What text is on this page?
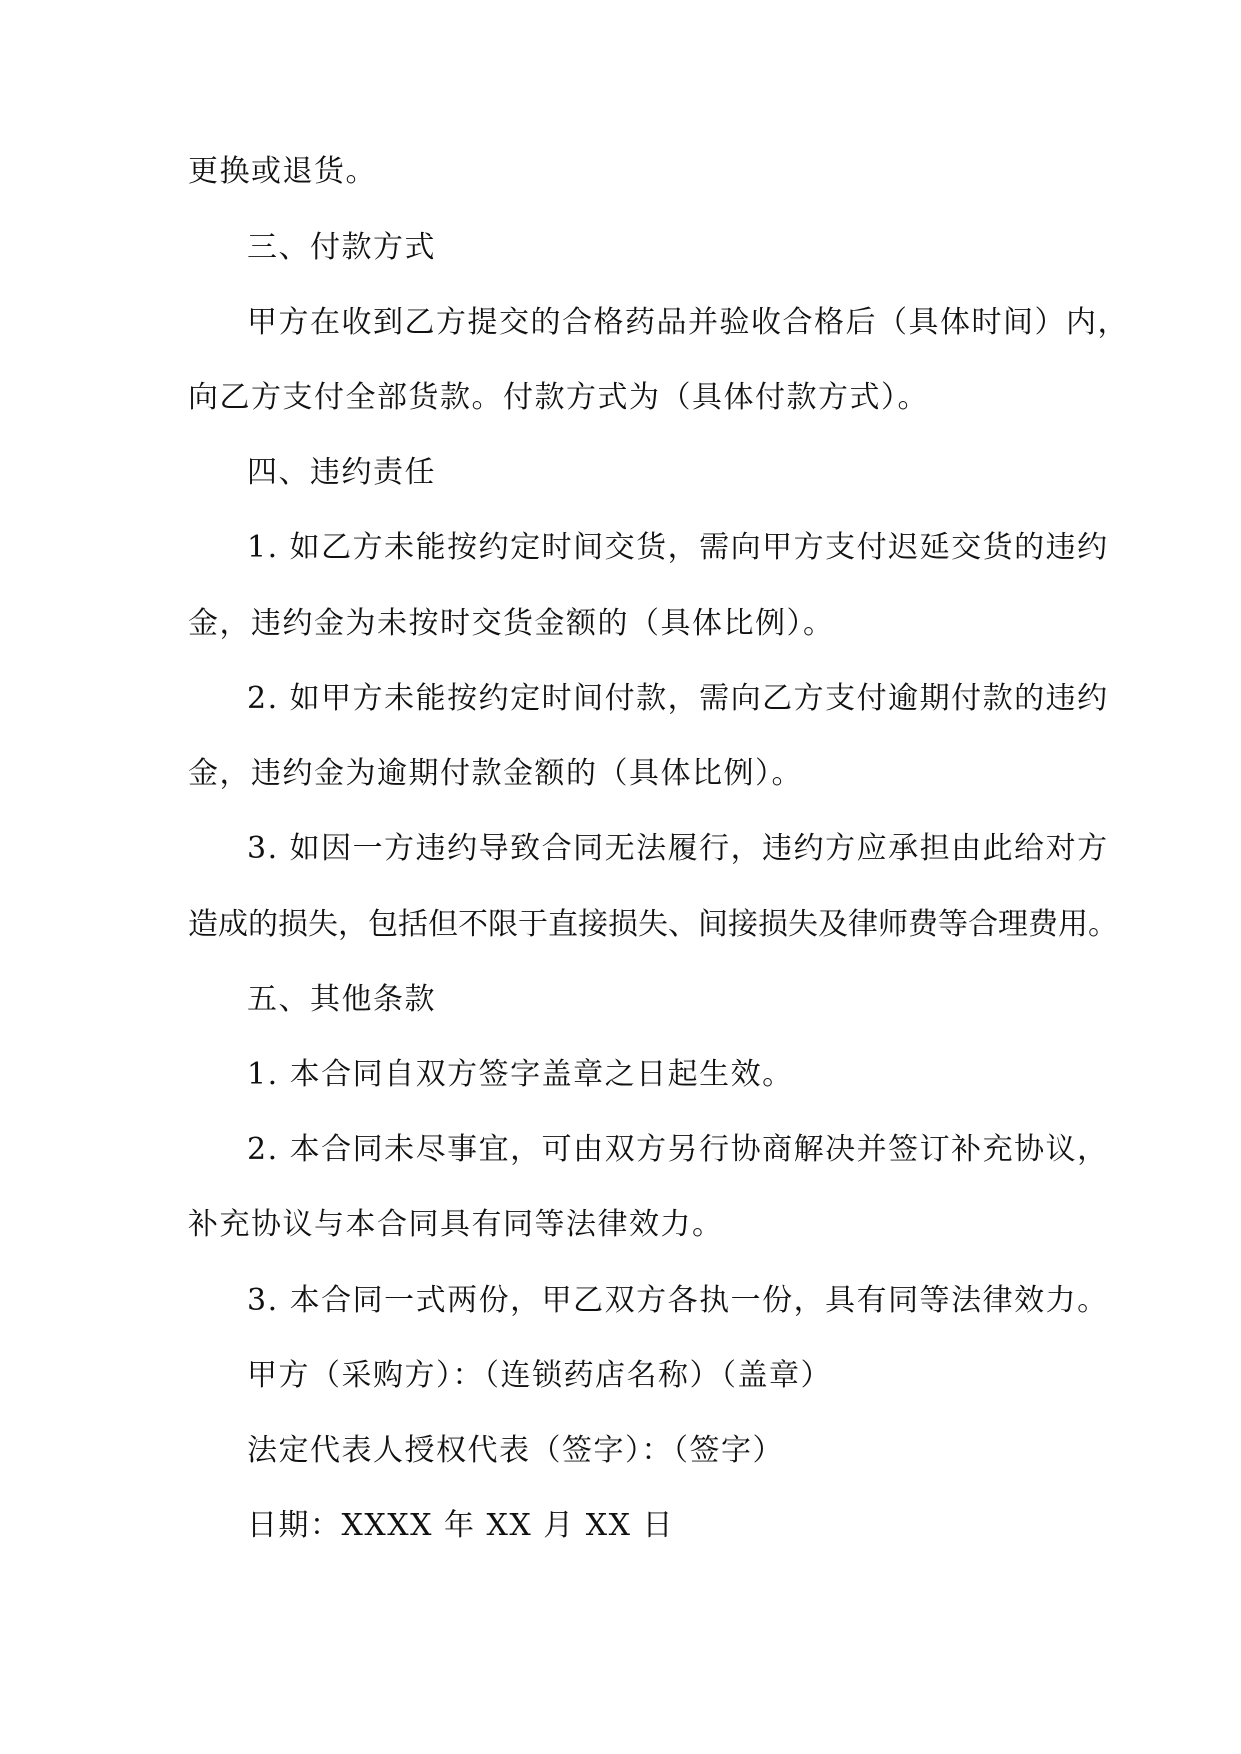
更换或退货。
三、付款方式
甲方在收到乙方提交的合格药品并验收合格后（具体时间）内，
向乙方支付全部货款。付款方式为（具体付款方式）。
四、违约责任
1. 如乙方未能按约定时间交货，需向甲方支付迟延交货的违约
金，违约金为未按时交货金额的（具体比例）。
2. 如甲方未能按约定时间付款，需向乙方支付逾期付款的违约
金，违约金为逾期付款金额的（具体比例）。
3. 如因一方违约导致合同无法履行，违约方应承担由此给对方
造成的损失，包括但不限于直接损失、间接损失及律师费等合理费用。
五、其他条款
1. 本合同自双方签字盖章之日起生效。
2. 本合同未尽事宜，可由双方另行协商解决并签订补充协议，
补充协议与本合同具有同等法律效力。
3. 本合同一式两份，甲乙双方各执一份，具有同等法律效力。
甲方（采购方）：（连锁药店名称）（盖章）
法定代表人授权代表（签字）：（签字）
日期：XXXX 年 XX 月 XX 日
